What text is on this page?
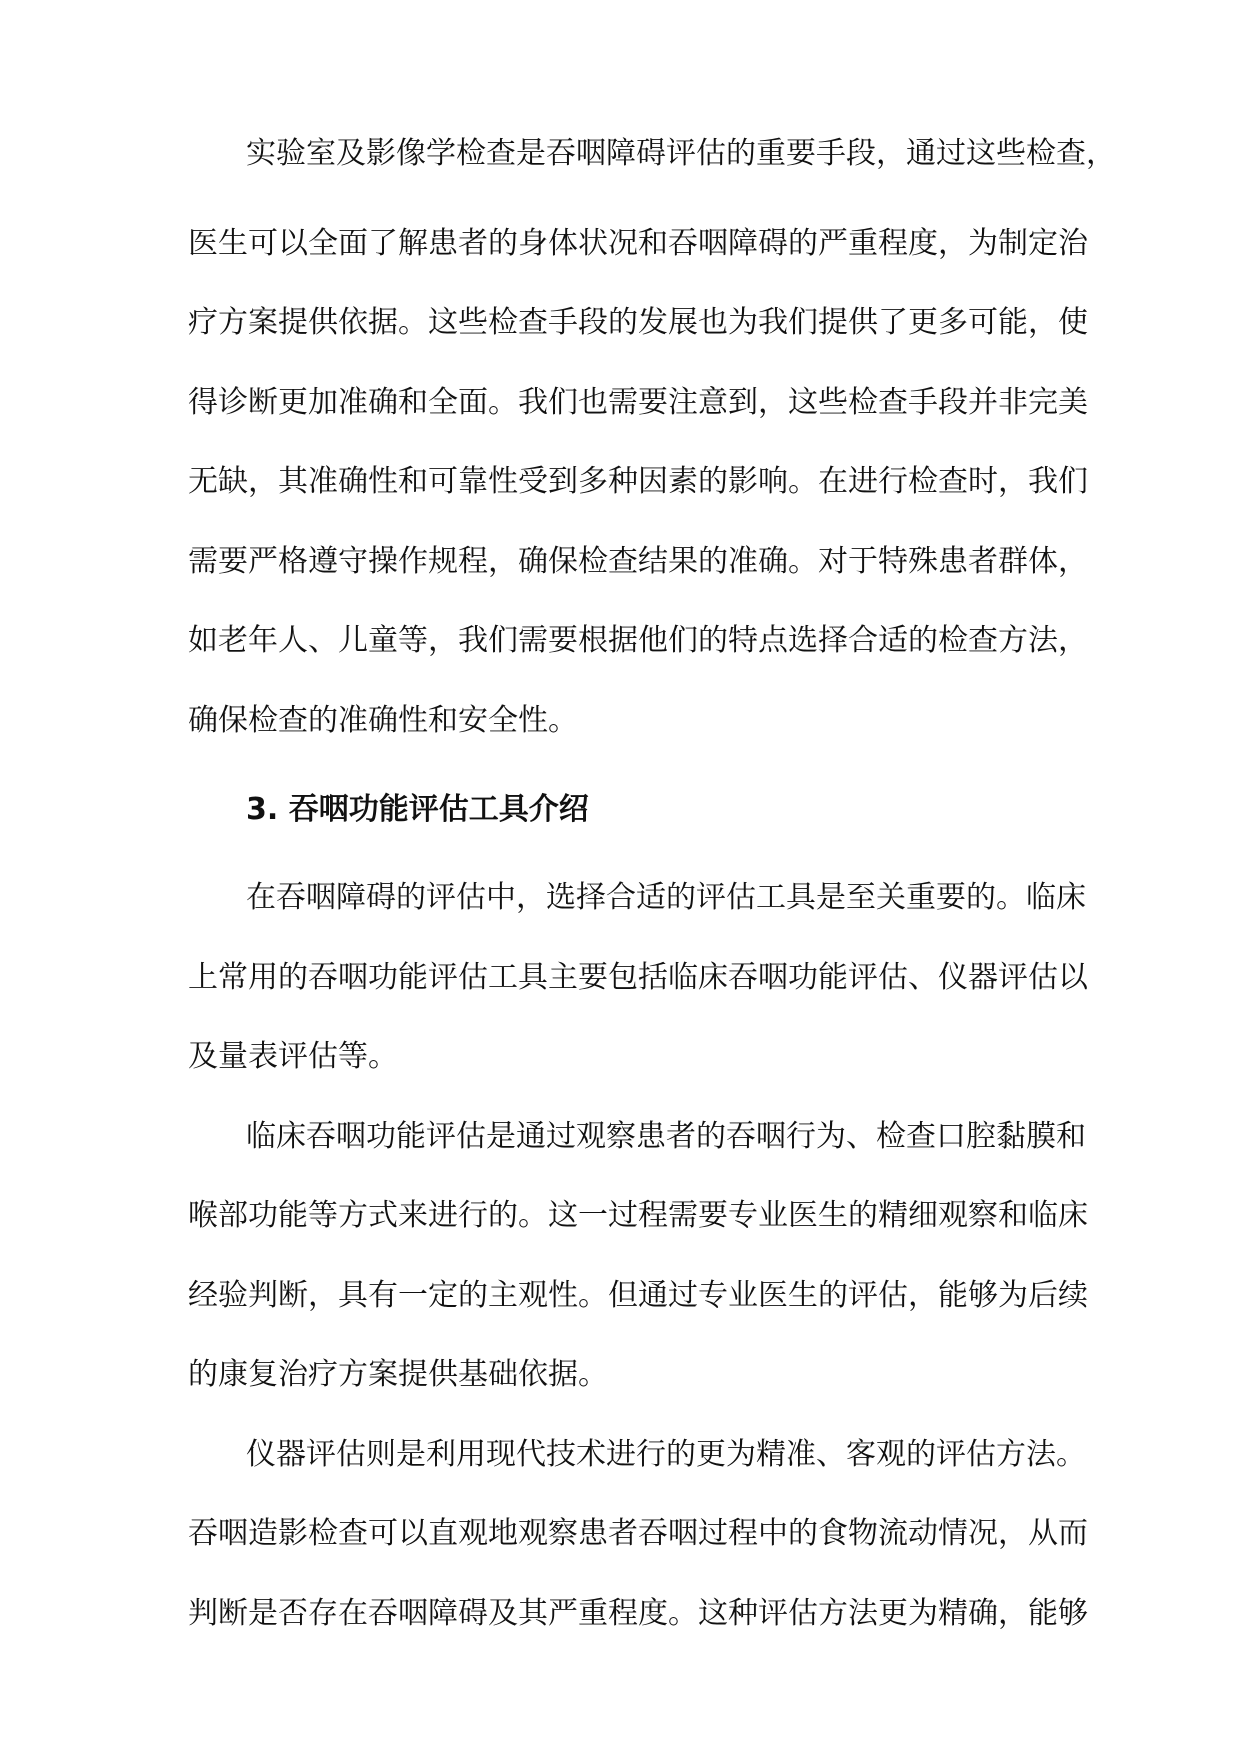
实验室及影像学检查是吞咽障碍评估的重要手段，通过这些检查，
医生可以全面了解患者的身体状况和吞咽障碍的严重程度，为制定治
疗方案提供依据。这些检查手段的发展也为我们提供了更多可能，使
得诊断更加准确和全面。我们也需要注意到，这些检查手段并非完美
无缺，其准确性和可靠性受到多种因素的影响。在进行检查时，我们
需要严格遵守操作规程，确保检查结果的准确。对于特殊患者群体，
如老年人、儿童等，我们需要根据他们的特点选择合适的检查方法，
确保检查的准确性和安全性。
3. 吞咽功能评估工具介绍
在吞咽障碍的评估中，选择合适的评估工具是至关重要的。临床
上常用的吞咽功能评估工具主要包括临床吞咽功能评估、仪器评估以
及量表评估等。
临床吞咽功能评估是通过观察患者的吞咽行为、检查口腔黏膜和
喉部功能等方式来进行的。这一过程需要专业医生的精细观察和临床
经验判断，具有一定的主观性。但通过专业医生的评估，能够为后续
的康复治疗方案提供基础依据。
仪器评估则是利用现代技术进行的更为精准、客观的评估方法。
吞咽造影检查可以直观地观察患者吞咽过程中的食物流动情况，从而
判断是否存在吞咽障碍及其严重程度。这种评估方法更为精确，能够
